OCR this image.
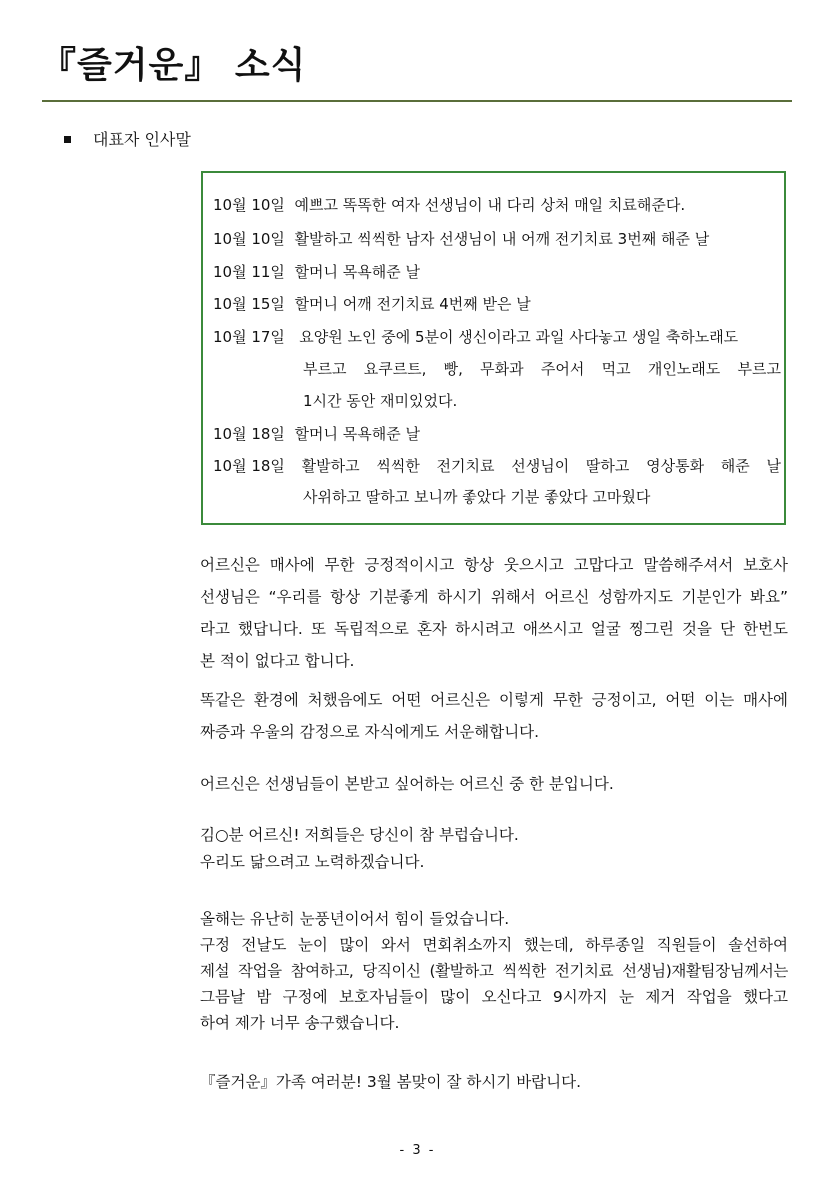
『즐거운』 소식
대표자 인사말
10월 10일 예쁘고 똑똑한 여자 선생님이 내 다리 상처 매일 치료해준다.
10월 10일 활발하고 씩씩한 남자 선생님이 내 어깨 전기치료 3번째 해준 날
10월 11일 할머니 목욕해준 날
10월 15일 할머니 어깨 전기치료 4번째 받은 날
10월 17일 요양원 노인 중에 5분이 생신이라고 과일 사다놓고 생일 축하노래도
부르고 요쿠르트, 빵, 무화과 주어서 먹고 개인노래도 부르고
1시간 동안 재미있었다.
10월 18일 할머니 목욕해준 날
10월 18일 활발하고 씩씩한 전기치료 선생님이 딸하고 영상통화 해준 날
사위하고 딸하고 보니까 좋았다 기분 좋았다 고마웠다
어르신은 매사에 무한 긍정적이시고 항상 웃으시고 고맙다고 말씀해주셔서 보호사
선생님은 “우리를 항상 기분좋게 하시기 위해서 어르신 성함까지도 기분인가 봐요”
라고 했답니다. 또 독립적으로 혼자 하시려고 애쓰시고 얼굴 찡그린 것을 단 한번도
본 적이 없다고 합니다.
똑같은 환경에 처했음에도 어떤 어르신은 이렇게 무한 긍정이고, 어떤 이는 매사에
짜증과 우울의 감정으로 자식에게도 서운해합니다.
어르신은 선생님들이 본받고 싶어하는 어르신 중 한 분입니다.
김○분 어르신! 저희들은 당신이 참 부럽습니다.
우리도 닮으려고 노력하겠습니다.
올해는 유난히 눈풍년이어서 힘이 들었습니다.
구정 전날도 눈이 많이 와서 면회취소까지 했는데, 하루종일 직원들이 솔선하여
제설 작업을 참여하고, 당직이신 (활발하고 씩씩한 전기치료 선생님)재활팀장님께서는
그믐날 밤 구정에 보호자님들이 많이 오신다고 9시까지 눈 제거 작업을 했다고
하여 제가 너무 송구했습니다.
『즐거운』가족 여러분! 3월 봄맞이 잘 하시기 바랍니다.
- 3 -
